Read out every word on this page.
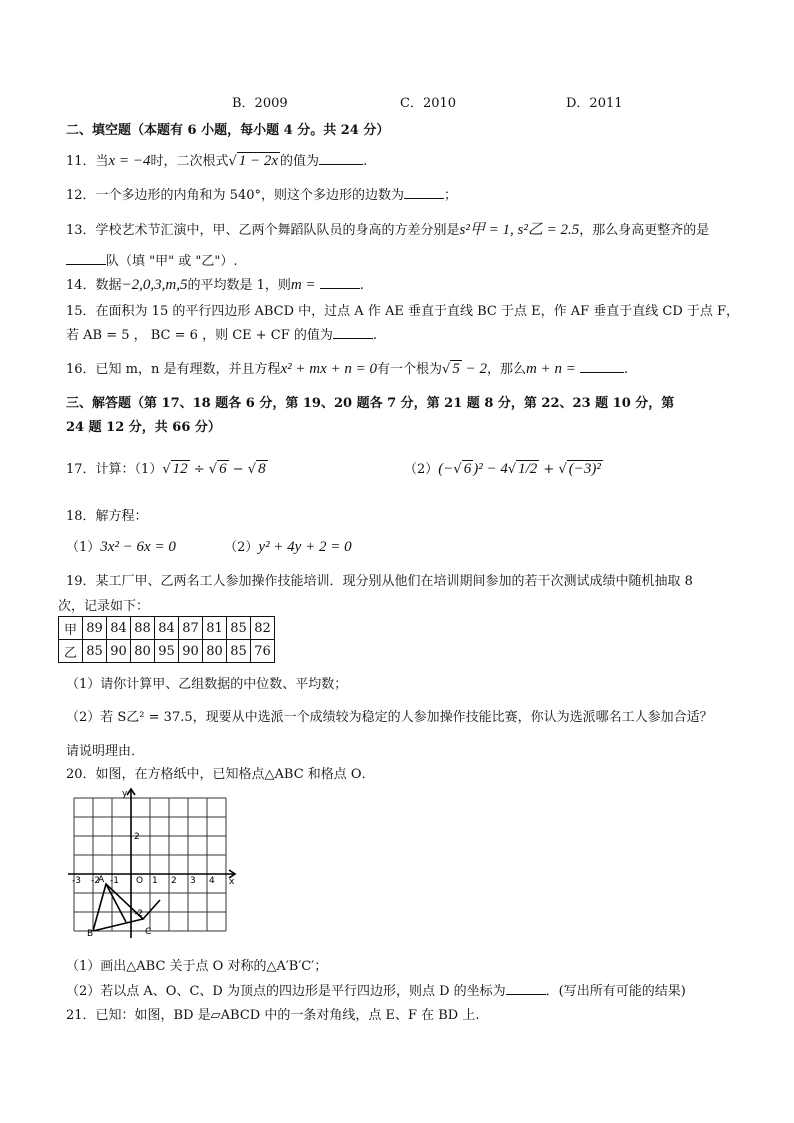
B．2009	C．2010	D．2011
二、填空题（本题有 6 小题，每小题 4 分。共 24 分）
11．当x = −4时，二次根式√ 1 − 2x 的值为	.
12．一个多边形的内角和为 540°，则这个多边形的边数为	；
13．学校艺术节汇演中，甲、乙两个舞蹈队队员的身高的方差分别是s²甲 = 1, s²乙 = 2.5，那么身高更整齐的是
队（填 "甲" 或 "乙"）.
14．数据−2,0,3,m,5的平均数是 1，则m =	.
15．在面积为 15 的平行四边形 ABCD 中，过点 A 作 AE 垂直于直线 BC 于点 E，作 AF 垂直于直线 CD 于点 F，
若 AB = 5 ， BC = 6 ，则 CE + CF 的值为	.
16．已知 m，n 是有理数，并且方程x² + mx + n = 0有一个根为√ 5 − 2，那么m + n =	.
三、解答题（第 17、18 题各 6 分，第 19、20 题各 7 分，第 21 题 8 分，第 22、23 题 10 分，第
24 题 12 分，共 66 分）
17．计算：（1）√ 12 ÷ √ 6 − √ 8	（2）(−√ 6 )² − 4√ 1/2 + √ (−3)²
18．解方程：
（1）3x² − 6x = 0	（2）y² + 4y + 2 = 0
19．某工厂甲、乙两名工人参加操作技能培训．现分别从他们在培训期间参加的若干次测试成绩中随机抽取 8
次，记录如下：
甲	89	84	88	84	87	81	85	82
乙	85	90	80	95	90	80	85	76
（1）请你计算甲、乙组数据的中位数、平均数；
（2）若 S乙² = 37.5，现要从中选派一个成绩较为稳定的人参加操作技能比赛，你认为选派哪名工人参加合适？
请说明理由．
20．如图，在方格纸中，已知格点△ABC 和格点 O．
y
x
O
A
B	C
1 2 3 4
-1
-2
-3
2
-2
（1）画出△ABC 关于点 O 对称的△A′B′C′；
（2）若以点 A、O、C、D 为顶点的四边形是平行四边形，则点 D 的坐标为	．(写出所有可能的结果)
21．已知：如图，BD 是▱ABCD 中的一条对角线，点 E、F 在 BD 上.
